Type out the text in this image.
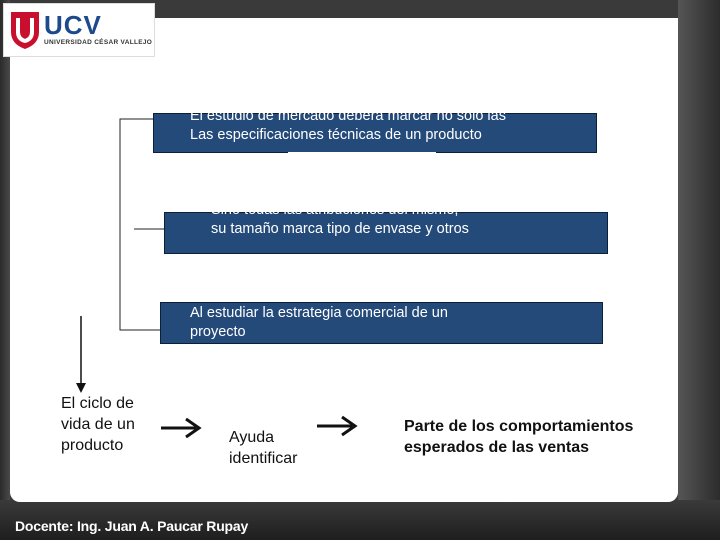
UCV
UNIVERSIDAD CÉSAR VALLEJO
El estudio de mercado deberá marcar no solo las
Las especificaciones técnicas de un producto
Sino todas las atribuciones del mismo,
su tamaño marca tipo de envase y otros
Al estudiar la estrategia comercial de un
proyecto
El ciclo de
vida de un
producto	Ayuda
identificar
Parte de los comportamientos
esperados de las ventas
Docente: Ing. Juan A. Paucar Rupay
